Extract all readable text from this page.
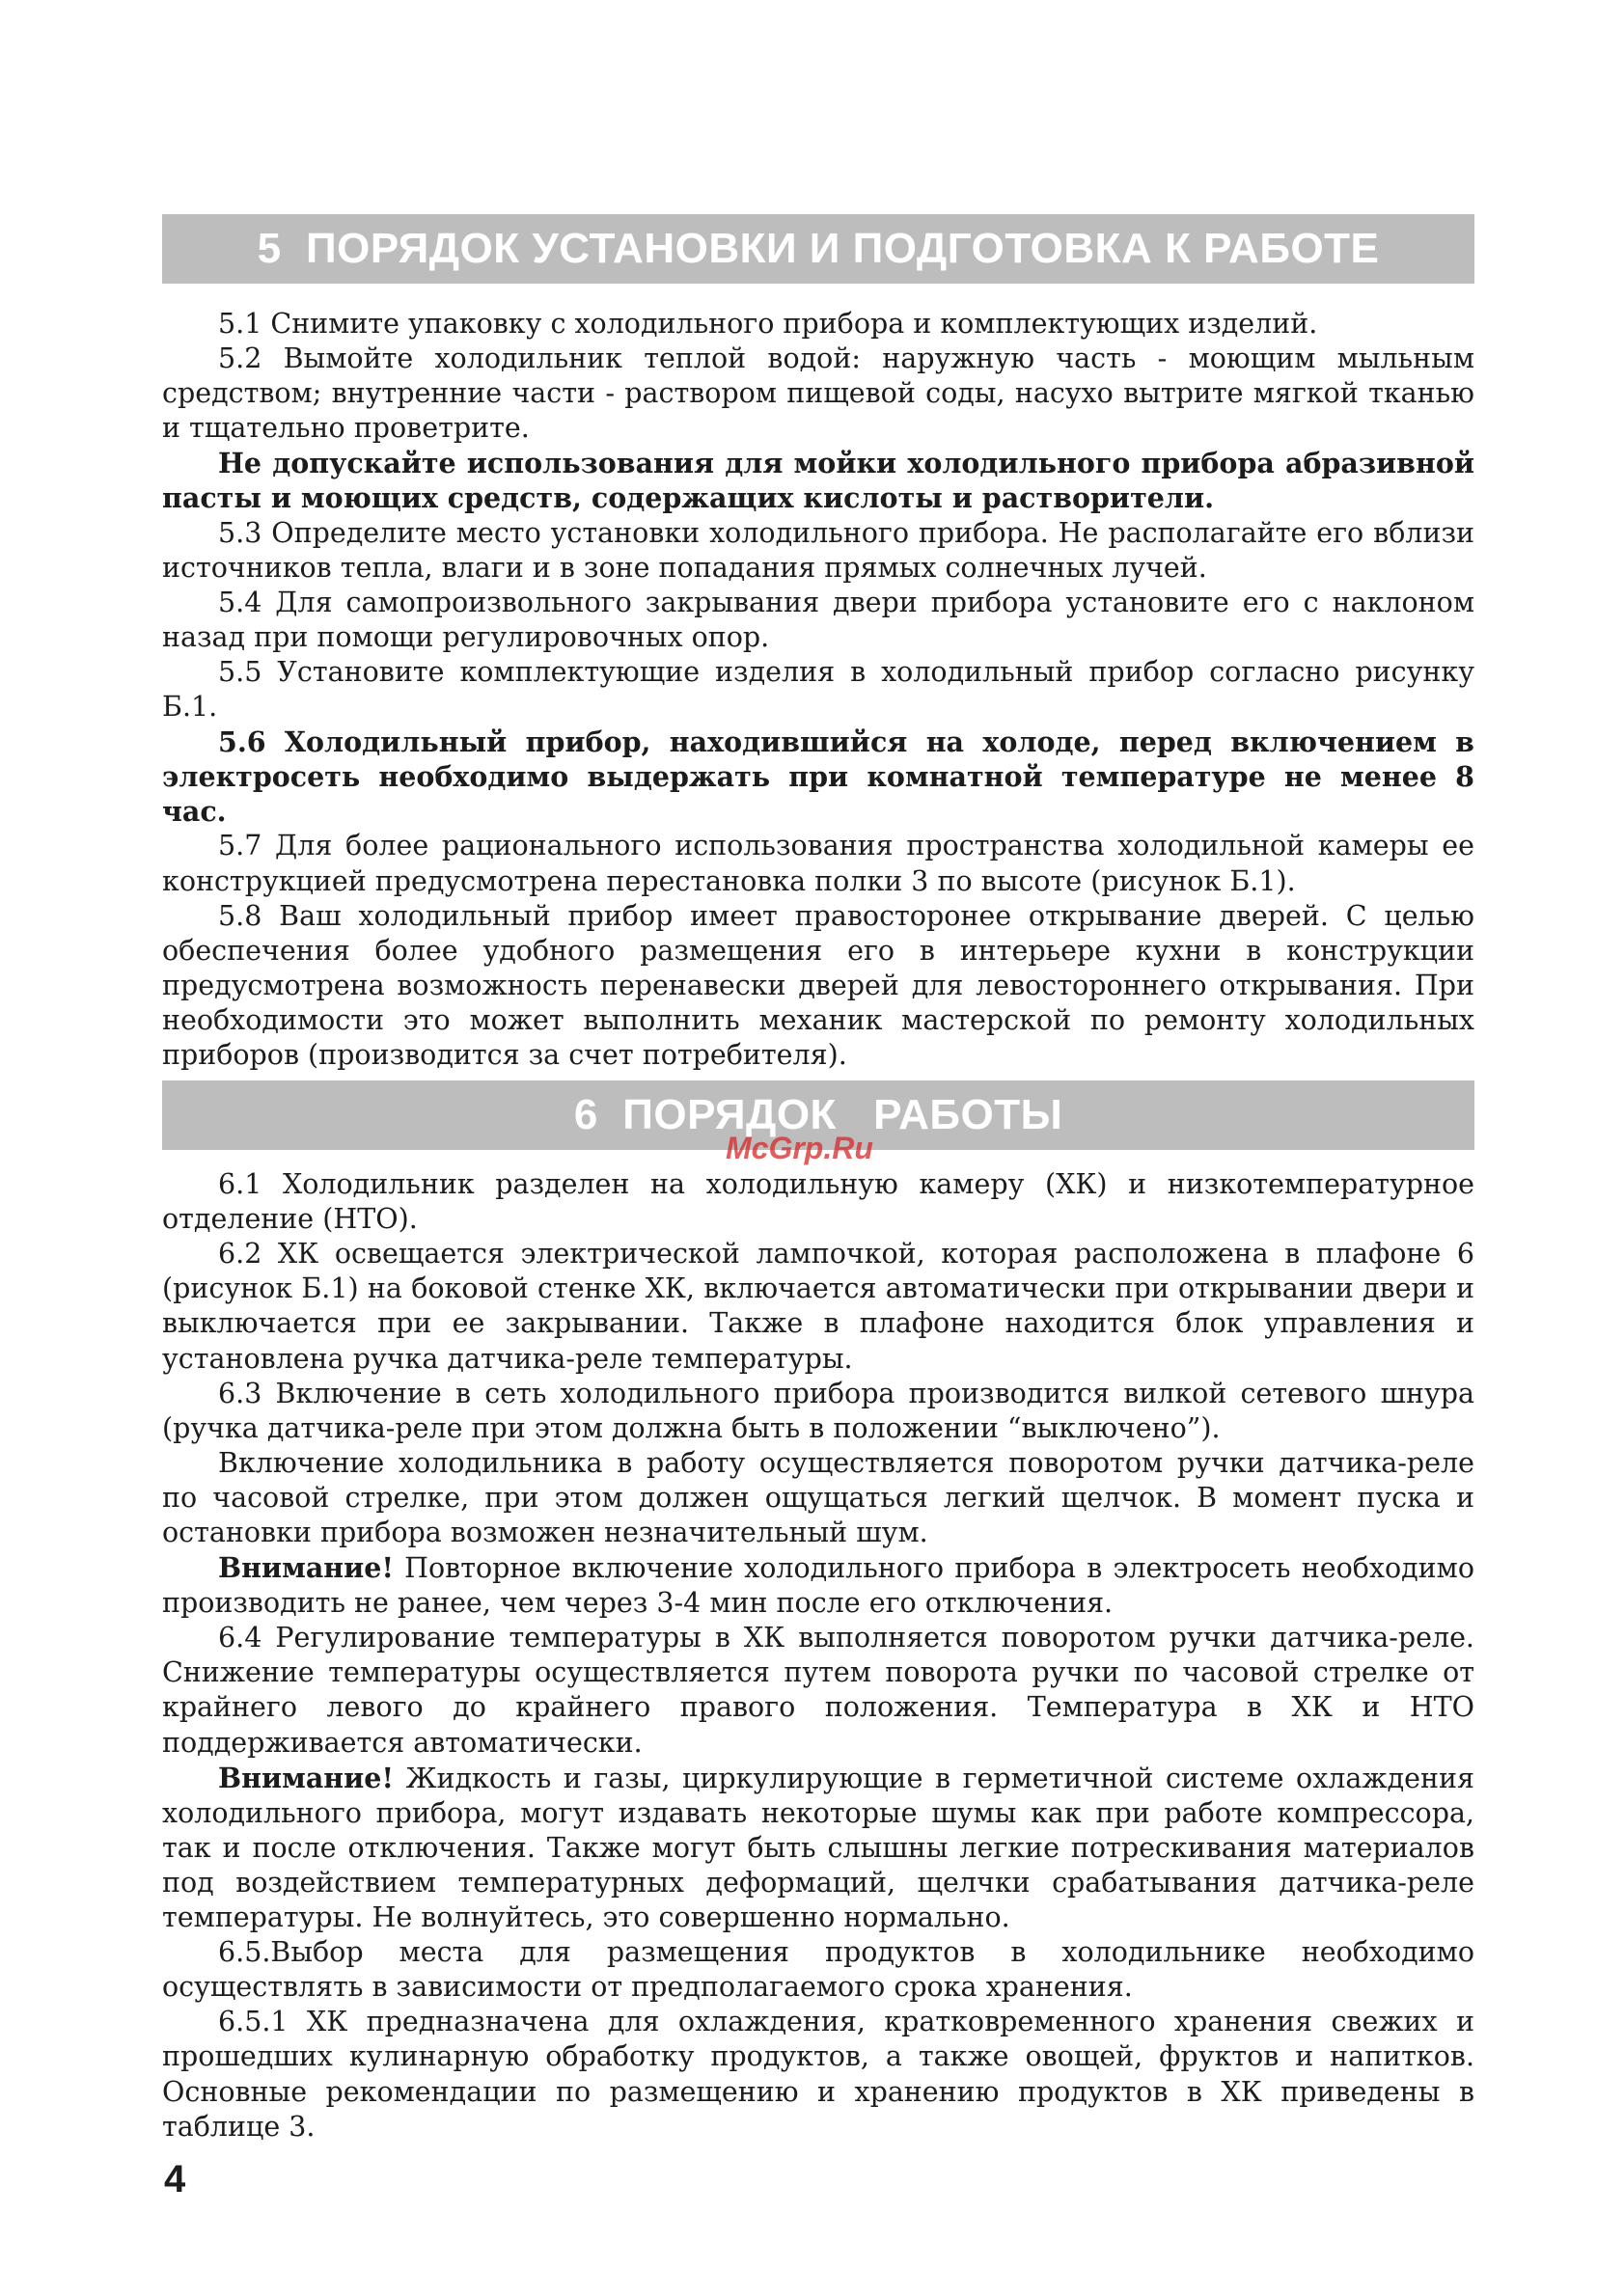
5  ПОРЯДОК УСТАНОВКИ И ПОДГОТОВКА К РАБОТЕ

5.1 Снимите упаковку с холодильного прибора и комплектующих изделий.

5.2 Вымойте холодильник теплой водой: наружную часть - моющим мыльным средством; внутренние части - раствором пищевой соды, насухо вытрите мягкой тканью и тщательно проветрите.

Не допускайте использования для мойки холодильного прибора абразивной пасты и моющих средств, содержащих кислоты и растворители.

5.3 Определите место установки холодильного прибора. Не располагайте его вблизи источников тепла, влаги и в зоне попадания прямых солнечных лучей.

5.4 Для самопроизвольного закрывания двери прибора установите его с наклоном назад при помощи регулировочных опор.

5.5 Установите комплектующие изделия в холодильный прибор согласно рисунку Б.1.

5.6 Холодильный прибор, находившийся на холоде, перед включением в электросеть необходимо выдержать при комнатной температуре не менее 8 час.

5.7 Для более рационального использования пространства холодильной камеры ее конструкцией предусмотрена перестановка полки 3 по высоте (рисунок Б.1).

5.8 Ваш холодильный прибор имеет правосторонее открывание дверей. С целью обеспечения более удобного размещения его в интерьере кухни в конструкции предусмотрена возможность перенавески дверей для левостороннего открывания. При необходимости это может выполнить механик мастерской по ремонту холодильных приборов (производится за счет потребителя).

6  ПОРЯДОК   РАБОТЫ

6.1 Холодильник разделен на холодильную камеру (ХК) и низкотемпературное отделение (НТО).

6.2 ХК освещается электрической лампочкой, которая расположена в плафоне 6 (рисунок Б.1) на боковой стенке ХК, включается автоматически при открывании двери и выключается при ее закрывании. Также в плафоне находится блок управления и установлена ручка датчика-реле температуры.

6.3 Включение в сеть холодильного прибора производится вилкой сетевого шнура (ручка датчика-реле при этом должна быть в положении “выключено”).

Включение холодильника в работу осуществляется поворотом ручки датчика-реле по часовой стрелке, при этом должен ощущаться легкий щелчок. В момент пуска и остановки прибора возможен незначительный шум.

Внимание! Повторное включение холодильного прибора в электросеть необходимо производить не ранее, чем через 3-4 мин после его отключения.

6.4 Регулирование температуры в ХК выполняется поворотом ручки датчика-реле. Снижение температуры осуществляется путем поворота ручки по часовой стрелке от крайнего левого до крайнего правого положения. Температура в ХК и НТО поддерживается автоматически.

Внимание! Жидкость и газы, циркулирующие в герметичной системе охлаждения холодильного прибора, могут издавать некоторые шумы как при работе компрессора, так и после отключения. Также могут быть слышны легкие потрескивания материалов под воздействием температурных деформаций, щелчки срабатывания датчика-реле температуры. Не волнуйтесь, это совершенно нормально.

6.5.Выбор места для размещения продуктов в холодильнике необходимо осуществлять в зависимости от предполагаемого срока хранения.

6.5.1 ХК предназначена для охлаждения, кратковременного хранения свежих и прошедших кулинарную обработку продуктов, а также овощей, фруктов и напитков. Основные рекомендации по размещению и хранению продуктов в ХК приведены в таблице 3.

McGrp.Ru
4
